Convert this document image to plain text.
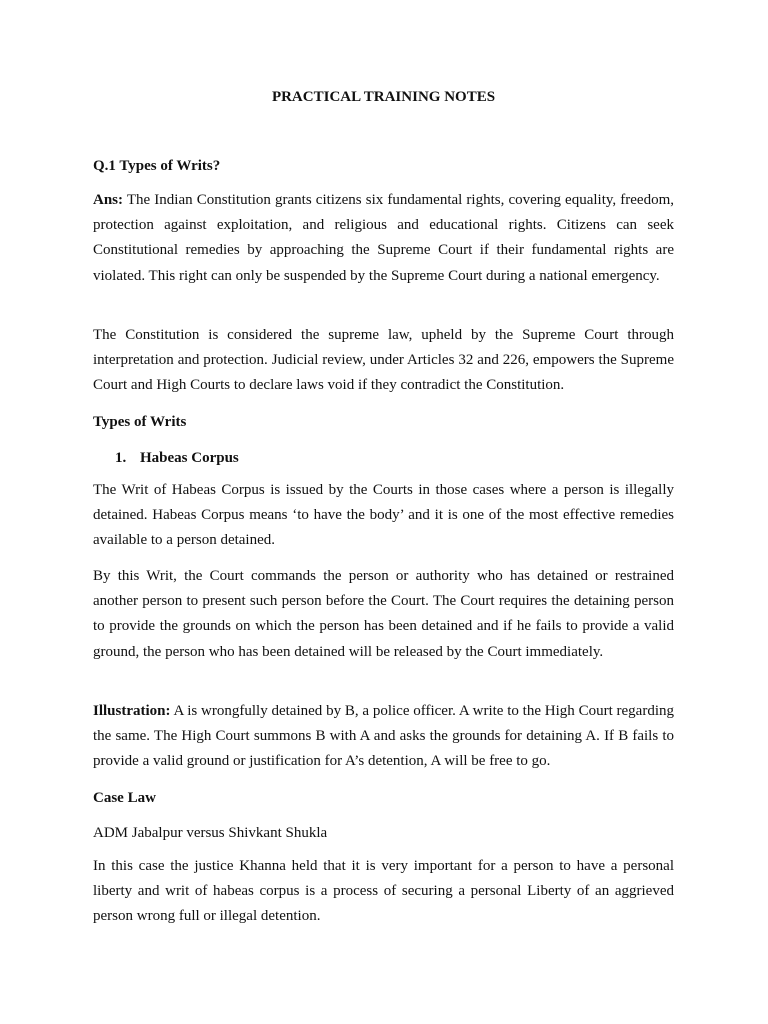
PRACTICAL TRAINING NOTES
Q.1 Types of Writs?

Ans: The Indian Constitution grants citizens six fundamental rights, covering equality, freedom, protection against exploitation, and religious and educational rights. Citizens can seek Constitutional remedies by approaching the Supreme Court if their fundamental rights are violated. This right can only be suspended by the Supreme Court during a national emergency.

The Constitution is considered the supreme law, upheld by the Supreme Court through interpretation and protection. Judicial review, under Articles 32 and 226, empowers the Supreme Court and High Courts to declare laws void if they contradict the Constitution.

Types of Writs
1. Habeas Corpus

The Writ of Habeas Corpus is issued by the Courts in those cases where a person is illegally detained. Habeas Corpus means ‘to have the body’ and it is one of the most effective remedies available to a person detained.

By this Writ, the Court commands the person or authority who has detained or restrained another person to present such person before the Court. The Court requires the detaining person to provide the grounds on which the person has been detained and if he fails to provide a valid ground, the person who has been detained will be released by the Court immediately.

Illustration: A is wrongfully detained by B, a police officer. A write to the High Court regarding the same. The High Court summons B with A and asks the grounds for detaining A. If B fails to provide a valid ground or justification for A’s detention, A will be free to go.

Case Law
ADM Jabalpur versus Shivkant Shukla

In this case the justice Khanna held that it is very important for a person to have a personal liberty and writ of habeas corpus is a process of securing a personal Liberty of an aggrieved person wrong full or illegal detention.
